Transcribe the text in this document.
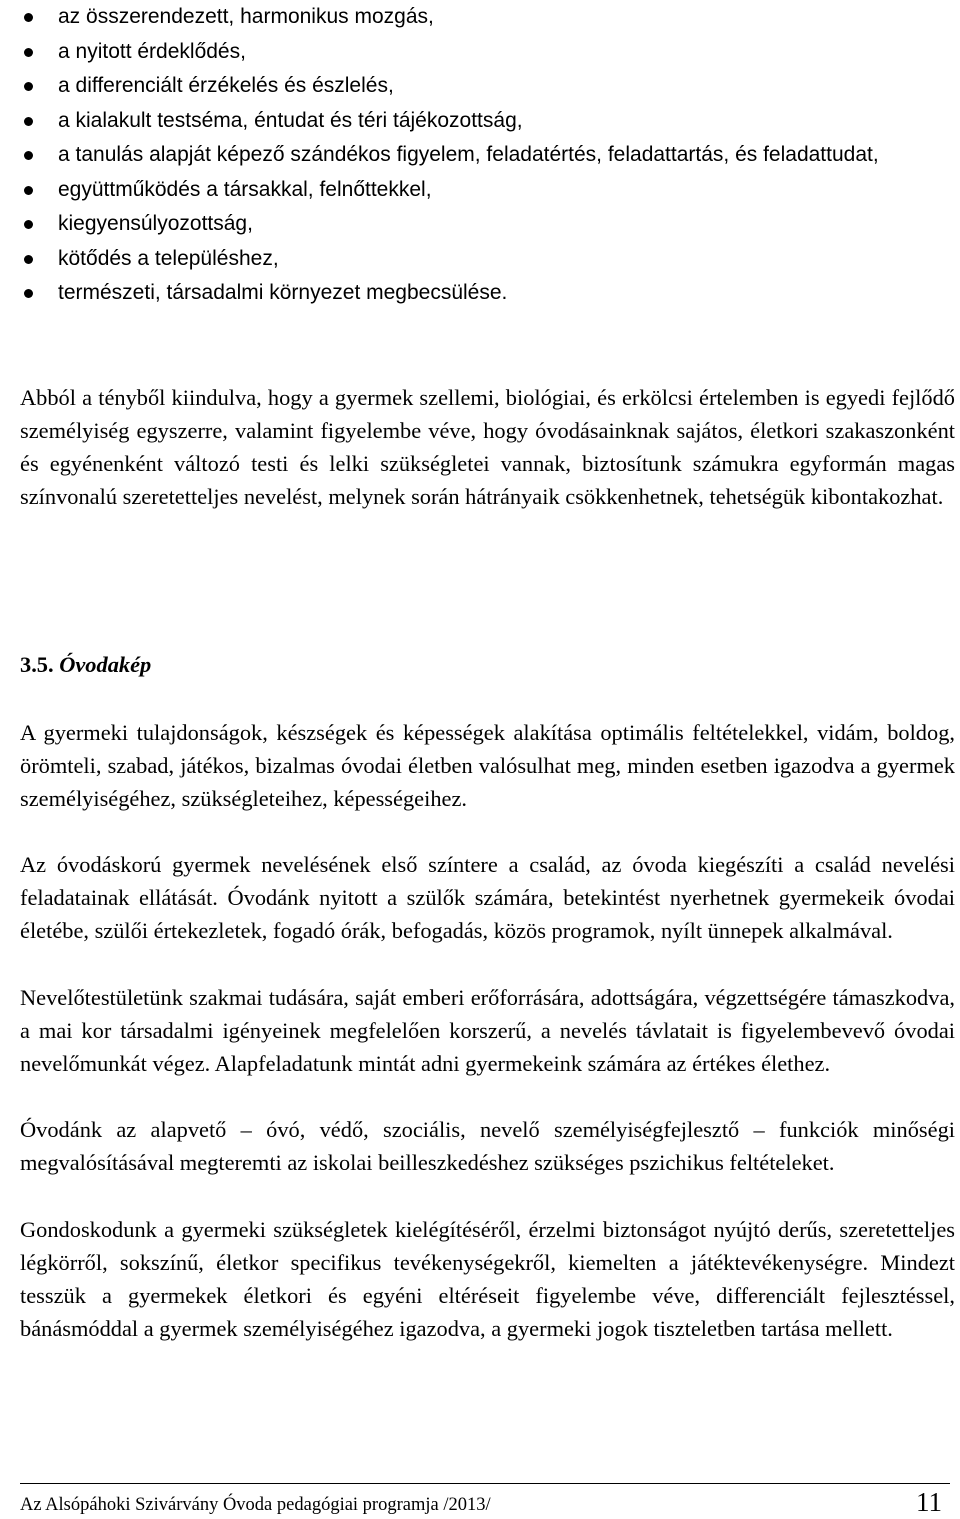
az összerendezett, harmonikus mozgás,
a nyitott érdeklődés,
a differenciált érzékelés és észlelés,
a kialakult testséma, éntudat és téri tájékozottság,
a tanulás alapját képező szándékos figyelem, feladatértés, feladattartás, és feladattudat,
együttműködés a társakkal, felnőttekkel,
kiegyensúlyozottság,
kötődés a településhez,
természeti, társadalmi környezet megbecsülése.

Abból a tényből kiindulva, hogy a gyermek szellemi, biológiai, és erkölcsi értelemben is egyedi fejlődő személyiség egyszerre, valamint figyelembe véve, hogy óvodásainknak sajátos, életkori szakaszonként és egyénenként változó testi és lelki szükségletei vannak, biztosítunk számukra egyformán magas színvonalú szeretetteljes nevelést, melynek során hátrányaik csökkenhetnek, tehetségük kibontakozhat.

3.5. Óvodakép

A gyermeki tulajdonságok, készségek és képességek alakítása optimális feltételekkel, vidám, boldog, örömteli, szabad, játékos, bizalmas óvodai életben valósulhat meg, minden esetben igazodva a gyermek személyiségéhez, szükségleteihez, képességeihez.

Az óvodáskorú gyermek nevelésének első színtere a család, az óvoda kiegészíti a család nevelési feladatainak ellátását. Óvodánk nyitott a szülők számára, betekintést nyerhetnek gyermekeik óvodai életébe, szülői értekezletek, fogadó órák, befogadás, közös programok, nyílt ünnepek alkalmával.

Nevelőtestületünk szakmai tudására, saját emberi erőforrására, adottságára, végzettségére támaszkodva, a mai kor társadalmi igényeinek megfelelően korszerű, a nevelés távlatait is figyelembevevő óvodai nevelőmunkát végez. Alapfeladatunk mintát adni gyermekeink számára az értékes élethez.

Óvodánk az alapvető – óvó, védő, szociális, nevelő személyiségfejlesztő – funkciók minőségi megvalósításával megteremti az iskolai beilleszkedéshez szükséges pszichikus feltételeket.

Gondoskodunk a gyermeki szükségletek kielégítéséről, érzelmi biztonságot nyújtó derűs, szeretetteljes légkörről, sokszínű, életkor specifikus tevékenységekről, kiemelten a játéktevékenységre. Mindezt tesszük a gyermekek életkori és egyéni eltéréseit figyelembe véve, differenciált fejlesztéssel, bánásmóddal a gyermek személyiségéhez igazodva, a gyermeki jogok tiszteletben tartása mellett.

Az Alsópáhoki Szivárvány Óvoda pedagógiai programja /2013/	11
